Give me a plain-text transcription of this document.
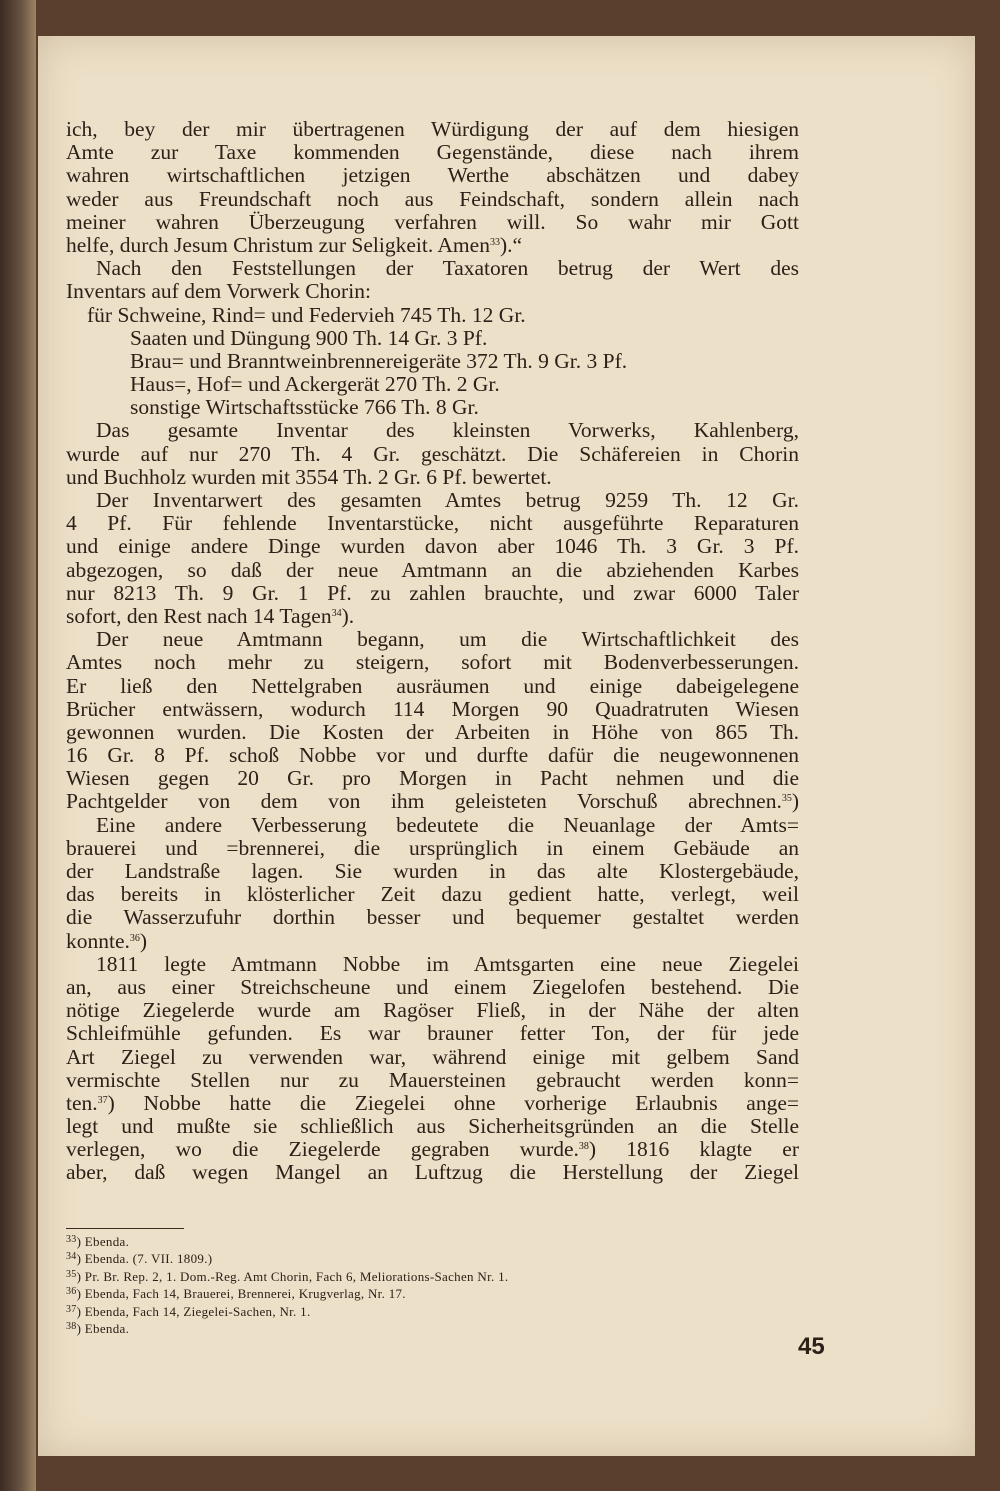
ich, bey der mir übertragenen Würdigung der auf dem hiesigen
Amte zur Taxe kommenden Gegenstände, diese nach ihrem
wahren wirtschaftlichen jetzigen Werthe abschätzen und dabey
weder aus Freundschaft noch aus Feindschaft, sondern allein nach
meiner wahren Überzeugung verfahren will. So wahr mir Gott
helfe, durch Jesum Christum zur Seligkeit. Amen$^{33}$).“
Nach den Feststellungen der Taxatoren betrug der Wert des
Inventars auf dem Vorwerk Chorin:
für Schweine, Rind= und Federvieh 745 Th. 12 Gr.
Saaten und Düngung 900 Th. 14 Gr. 3 Pf.
Brau= und Branntweinbrennereigeräte 372 Th. 9 Gr. 3 Pf.
Haus=, Hof= und Ackergerät 270 Th. 2 Gr.
sonstige Wirtschaftsstücke 766 Th. 8 Gr.
Das gesamte Inventar des kleinsten Vorwerks, Kahlenberg,
wurde auf nur 270 Th. 4 Gr. geschätzt. Die Schäfereien in Chorin
und Buchholz wurden mit 3554 Th. 2 Gr. 6 Pf. bewertet.
Der Inventarwert des gesamten Amtes betrug 9259 Th. 12 Gr.
4 Pf. Für fehlende Inventarstücke, nicht ausgeführte Reparaturen
und einige andere Dinge wurden davon aber 1046 Th. 3 Gr. 3 Pf.
abgezogen, so daß der neue Amtmann an die abziehenden Karbes
nur 8213 Th. 9 Gr. 1 Pf. zu zahlen brauchte, und zwar 6000 Taler
sofort, den Rest nach 14 Tagen$^{34}$).
Der neue Amtmann begann, um die Wirtschaftlichkeit des
Amtes noch mehr zu steigern, sofort mit Bodenverbesserungen.
Er ließ den Nettelgraben ausräumen und einige dabeigelegene
Brücher entwässern, wodurch 114 Morgen 90 Quadratruten Wiesen
gewonnen wurden. Die Kosten der Arbeiten in Höhe von 865 Th.
16 Gr. 8 Pf. schoß Nobbe vor und durfte dafür die neugewonnenen
Wiesen gegen 20 Gr. pro Morgen in Pacht nehmen und die
Pachtgelder von dem von ihm geleisteten Vorschuß abrechnen.$^{35}$)
Eine andere Verbesserung bedeutete die Neuanlage der Amts=
brauerei und =brennerei, die ursprünglich in einem Gebäude an
der Landstraße lagen. Sie wurden in das alte Klostergebäude,
das bereits in klösterlicher Zeit dazu gedient hatte, verlegt, weil
die Wasserzufuhr dorthin besser und bequemer gestaltet werden
konnte.$^{36}$)
1811 legte Amtmann Nobbe im Amtsgarten eine neue Ziegelei
an, aus einer Streichscheune und einem Ziegelofen bestehend. Die
nötige Ziegelerde wurde am Ragöser Fließ, in der Nähe der alten
Schleifmühle gefunden. Es war brauner fetter Ton, der für jede
Art Ziegel zu verwenden war, während einige mit gelbem Sand
vermischte Stellen nur zu Mauersteinen gebraucht werden konn=
ten.$^{37}$) Nobbe hatte die Ziegelei ohne vorherige Erlaubnis ange=
legt und mußte sie schließlich aus Sicherheitsgründen an die Stelle
verlegen, wo die Ziegelerde gegraben wurde.$^{38}$) 1816 klagte er
aber, daß wegen Mangel an Luftzug die Herstellung der Ziegel
$^{33}$) Ebenda.
$^{34}$) Ebenda. (7. VII. 1809.)
$^{35}$) Pr. Br. Rep. 2, 1. Dom.-Reg. Amt Chorin, Fach 6, Meliorations-Sachen Nr. 1.
$^{36}$) Ebenda, Fach 14, Brauerei, Brennerei, Krugverlag, Nr. 17.
$^{37}$) Ebenda, Fach 14, Ziegelei-Sachen, Nr. 1.
$^{38}$) Ebenda.
45
